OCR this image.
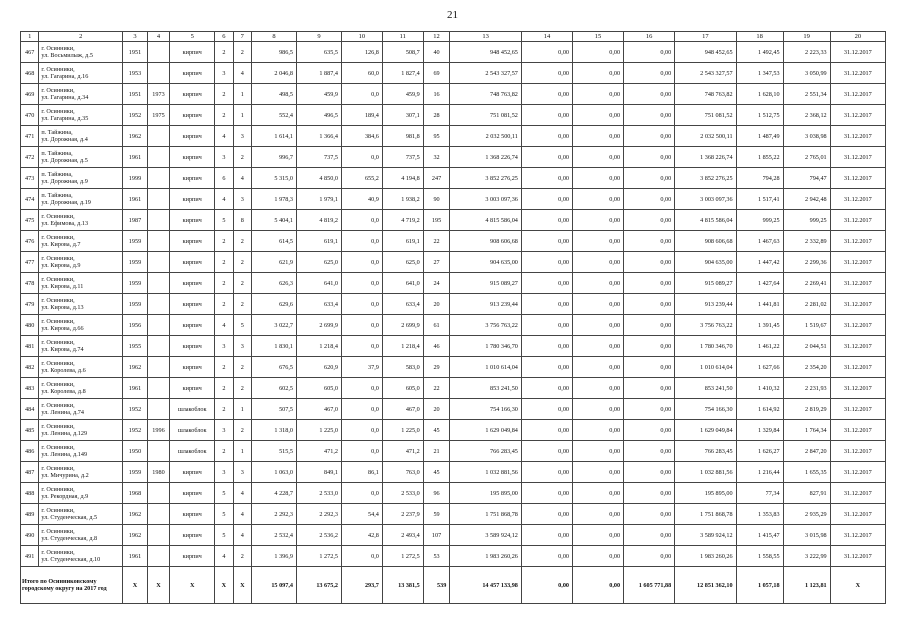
21
1	2	3	4	5	6	7	8	9	10	11	12	13	14	15	16	17	18	19	20
467	г. Осинники,
ул. Восьмилыж, д.5	1951		кирпич	2	2	986,5	635,5	126,8	508,7	40	948 452,65	0,00	0,00	0,00	948 452,65	1 492,45	2 223,33	31.12.2017
468	г. Осинники,
ул. Гагарина, д.16	1953		кирпич	3	4	2 046,8	1 887,4	60,0	1 827,4	69	2 543 327,57	0,00	0,00	0,00	2 543 327,57	1 347,53	3 050,99	31.12.2017
469	г. Осинники,
ул. Гагарина, д.34	1951	1973	кирпич	2	1	498,5	459,9	0,0	459,9	16	748 763,82	0,00	0,00	0,00	748 763,82	1 628,10	2 551,34	31.12.2017
470	г. Осинники,
ул. Гагарина, д.35	1952	1975	кирпич	2	1	552,4	496,5	189,4	307,1	28	751 081,52	0,00	0,00	0,00	751 081,52	1 512,75	2 368,12	31.12.2017
471	п. Тайжина,
ул. Дорожная, д.4	1962		кирпич	4	3	1 614,1	1 366,4	384,6	981,8	95	2 032 500,11	0,00	0,00	0,00	2 032 500,11	1 487,49	3 038,98	31.12.2017
472	п. Тайжина,
ул. Дорожная, д.5	1961		кирпич	3	2	996,7	737,5	0,0	737,5	32	1 368 226,74	0,00	0,00	0,00	1 368 226,74	1 855,22	2 765,01	31.12.2017
473	п. Тайжина,
ул. Дорожная, д.9	1999		кирпич	6	4	5 315,0	4 850,0	655,2	4 194,8	247	3 852 276,25	0,00	0,00	0,00	3 852 276,25	794,28	794,47	31.12.2017
474	п. Тайжина,
ул. Дорожная, д.19	1961		кирпич	4	3	1 978,3	1 979,1	40,9	1 938,2	90	3 003 097,36	0,00	0,00	0,00	3 003 097,36	1 517,41	2 942,48	31.12.2017
475	г. Осинники,
ул. Ефимова, д.13	1987		кирпич	5	8	5 404,1	4 819,2	0,0	4 719,2	195	4 815 586,04	0,00	0,00	0,00	4 815 586,04	999,25	999,25	31.12.2017
476	г. Осинники,
ул. Кирова, д.7	1959		кирпич	2	2	614,5	619,1	0,0	619,1	22	908 606,68	0,00	0,00	0,00	908 606,68	1 467,63	2 332,89	31.12.2017
477	г. Осинники,
ул. Кирова, д.9	1959		кирпич	2	2	621,9	625,0	0,0	625,0	27	904 635,00	0,00	0,00	0,00	904 635,00	1 447,42	2 299,36	31.12.2017
478	г. Осинники,
ул. Кирова, д.11	1959		кирпич	2	2	626,3	641,0	0,0	641,0	24	915 089,27	0,00	0,00	0,00	915 089,27	1 427,64	2 269,41	31.12.2017
479	г. Осинники,
ул. Кирова, д.13	1959		кирпич	2	2	629,6	633,4	0,0	633,4	20	913 239,44	0,00	0,00	0,00	913 239,44	1 441,81	2 281,02	31.12.2017
480	г. Осинники,
ул. Кирова, д.66	1956		кирпич	4	5	3 022,7	2 699,9	0,0	2 699,9	61	3 756 763,22	0,00	0,00	0,00	3 756 763,22	1 391,45	1 519,67	31.12.2017
481	г. Осинники,
ул. Кирова, д.74	1955		кирпич	3	3	1 830,1	1 218,4	0,0	1 218,4	46	1 780 346,70	0,00	0,00	0,00	1 780 346,70	1 461,22	2 044,51	31.12.2017
482	г. Осинники,
ул. Королева, д.6	1962		кирпич	2	2	676,5	620,9	37,9	583,0	29	1 010 614,04	0,00	0,00	0,00	1 010 614,04	1 627,66	2 354,20	31.12.2017
483	г. Осинники,
ул. Королева, д.8	1961		кирпич	2	2	602,5	605,0	0,0	605,0	22	853 241,50	0,00	0,00	0,00	853 241,50	1 410,32	2 231,93	31.12.2017
484	г. Осинники,
ул. Ленина, д.74	1952		шлакоблок	2	1	507,5	467,0	0,0	467,0	20	754 166,30	0,00	0,00	0,00	754 166,30	1 614,92	2 819,29	31.12.2017
485	г. Осинники,
ул. Ленина, д.129	1952	1996	шлакоблок	3	2	1 318,0	1 225,0	0,0	1 225,0	45	1 629 049,84	0,00	0,00	0,00	1 629 049,84	1 329,84	1 764,34	31.12.2017
486	г. Осинники,
ул. Ленина, д.149	1950		шлакоблок	2	1	515,5	471,2	0,0	471,2	21	766 283,45	0,00	0,00	0,00	766 283,45	1 626,27	2 847,20	31.12.2017
487	г. Осинники,
ул. Мичурина, д.2	1959	1980	кирпич	3	3	1 063,0	849,1	86,1	763,0	45	1 032 881,56	0,00	0,00	0,00	1 032 881,56	1 216,44	1 655,35	31.12.2017
488	г. Осинники,
ул. Рекордная, д.9	1968		кирпич	5	4	4 228,7	2 533,0	0,0	2 533,0	96	195 895,00	0,00	0,00	0,00	195 895,00	77,34	827,91	31.12.2017
489	г. Осинники,
ул. Студенческая, д.5	1962		кирпич	5	4	2 292,3	2 292,3	54,4	2 237,9	59	1 751 868,78	0,00	0,00	0,00	1 751 868,78	1 353,83	2 935,29	31.12.2017
490	г. Осинники,
ул. Студенческая, д.8	1962		кирпич	5	4	2 532,4	2 536,2	42,8	2 493,4	107	3 589 924,12	0,00	0,00	0,00	3 589 924,12	1 415,47	3 015,98	31.12.2017
491	г. Осинники,
ул. Студенческая, д.10	1961		кирпич	4	2	1 396,9	1 272,5	0,0	1 272,5	53	1 983 260,26	0,00	0,00	0,00	1 983 260,26	1 558,55	3 222,99	31.12.2017
Итого по Осинниковскому городскому округу на 2017 год		X	X	X	X	X	15 097,4	13 675,2	293,7	13 381,5	539	14 457 133,98	0,00	0,00	1 605 771,88	12 851 362,10	1 057,18	1 123,81	X
